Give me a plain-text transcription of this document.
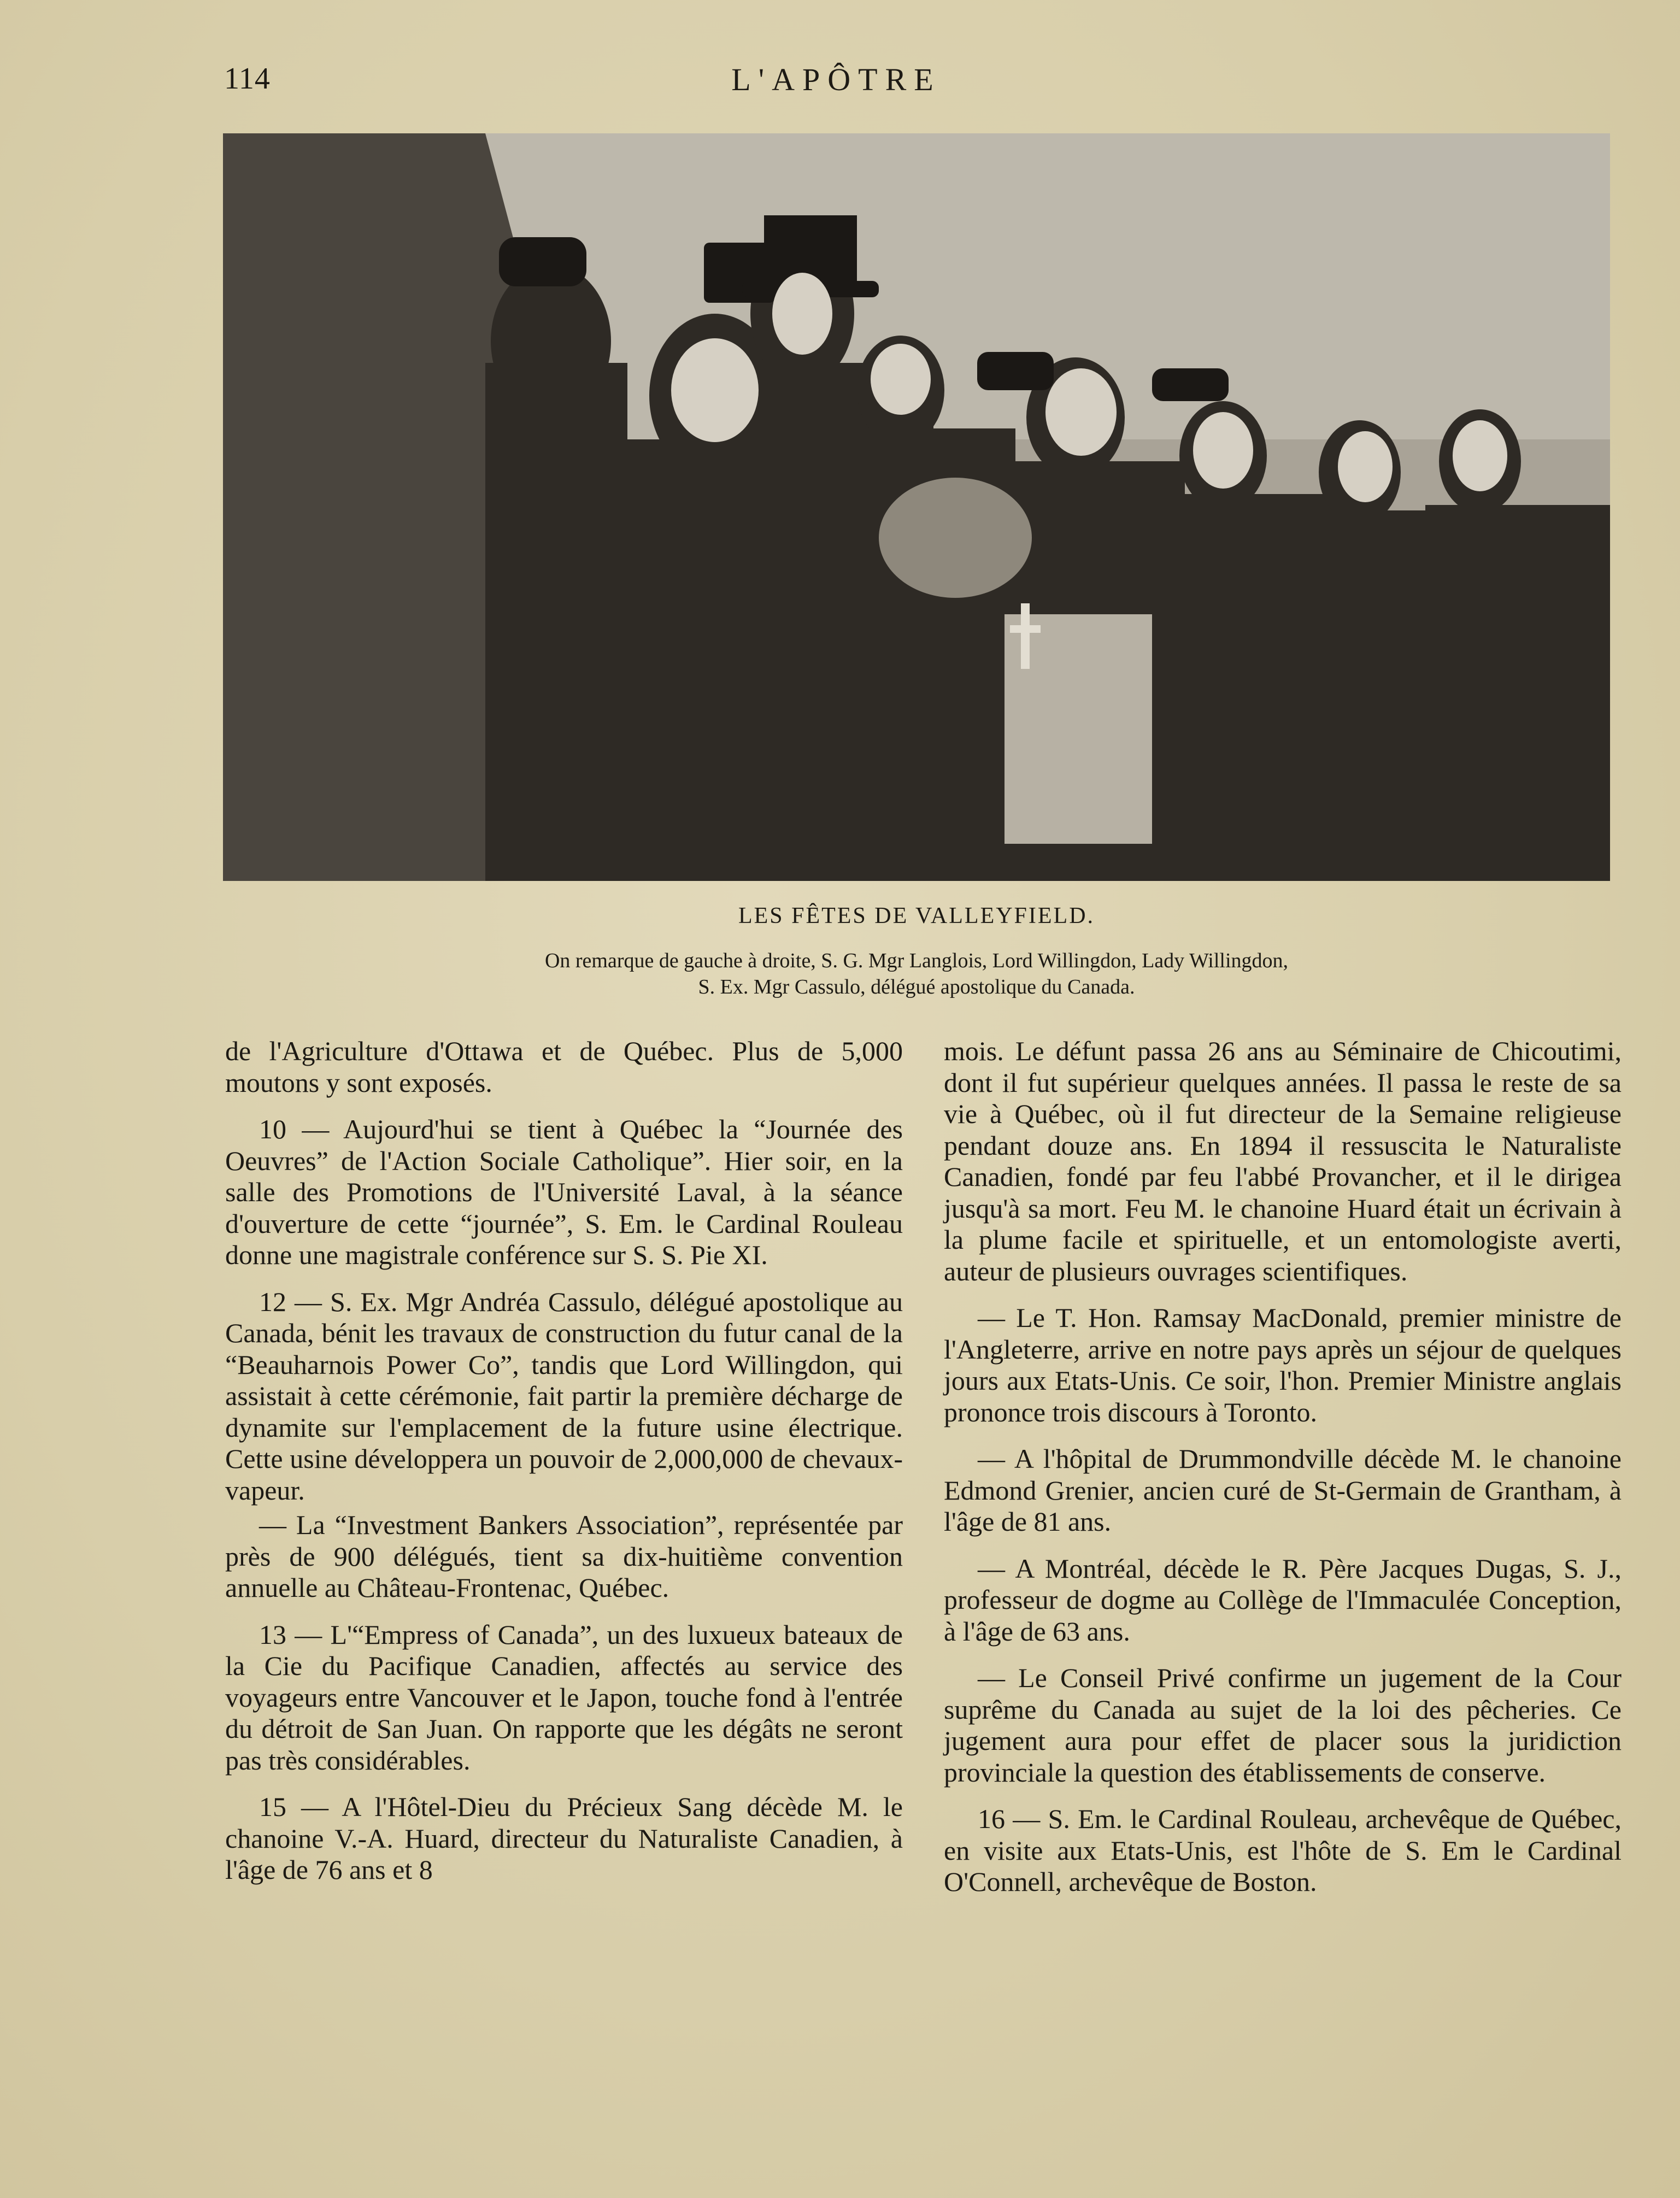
114	L'APÔTRE
LES FÊTES DE VALLEYFIELD.
On remarque de gauche à droite, S. G. Mgr Langlois, Lord Willingdon, Lady Willingdon,
S. Ex. Mgr Cassulo, délégué apostolique du Canada.

de l'Agriculture d'Ottawa et de Québec. Plus de 5,000 moutons y sont exposés.

10 — Aujourd'hui se tient à Québec la “Journée des Oeuvres” de l'Action Sociale Catholique”. Hier soir, en la salle des Promotions de l'Université Laval, à la séance d'ouverture de cette “journée”, S. Em. le Cardinal Rouleau donne une magistrale conférence sur S. S. Pie XI.

12 — S. Ex. Mgr Andréa Cassulo, délégué apostolique au Canada, bénit les travaux de construction du futur canal de la “Beauharnois Power Co”, tandis que Lord Willingdon, qui assistait à cette cérémonie, fait partir la première décharge de dynamite sur l'emplacement de la future usine électrique. Cette usine développera un pouvoir de 2,000,000 de chevaux-vapeur.

— La “Investment Bankers Association”, représentée par près de 900 délégués, tient sa dix-huitième convention annuelle au Château-Frontenac, Québec.

13 — L'“Empress of Canada”, un des luxueux bateaux de la Cie du Pacifique Canadien, affectés au service des voyageurs entre Vancouver et le Japon, touche fond à l'entrée du détroit de San Juan. On rapporte que les dégâts ne seront pas très considérables.

15 — A l'Hôtel-Dieu du Précieux Sang décède M. le chanoine V.-A. Huard, directeur du Naturaliste Canadien, à l'âge de 76 ans et 8

mois. Le défunt passa 26 ans au Séminaire de Chicoutimi, dont il fut supérieur quelques années. Il passa le reste de sa vie à Québec, où il fut directeur de la Semaine religieuse pendant douze ans. En 1894 il ressuscita le Naturaliste Canadien, fondé par feu l'abbé Provancher, et il le dirigea jusqu'à sa mort. Feu M. le chanoine Huard était un écrivain à la plume facile et spirituelle, et un entomologiste averti, auteur de plusieurs ouvrages scientifiques.

— Le T. Hon. Ramsay MacDonald, premier ministre de l'Angleterre, arrive en notre pays après un séjour de quelques jours aux Etats-Unis. Ce soir, l'hon. Premier Ministre anglais prononce trois discours à Toronto.

— A l'hôpital de Drummondville décède M. le chanoine Edmond Grenier, ancien curé de St-Germain de Grantham, à l'âge de 81 ans.

— A Montréal, décède le R. Père Jacques Dugas, S. J., professeur de dogme au Collège de l'Immaculée Conception, à l'âge de 63 ans.

— Le Conseil Privé confirme un jugement de la Cour suprême du Canada au sujet de la loi des pêcheries. Ce jugement aura pour effet de placer sous la juridiction provinciale la question des établissements de conserve.

16 — S. Em. le Cardinal Rouleau, archevêque de Québec, en visite aux Etats-Unis, est l'hôte de S. Em le Cardinal O'Connell, archevêque de Boston.
